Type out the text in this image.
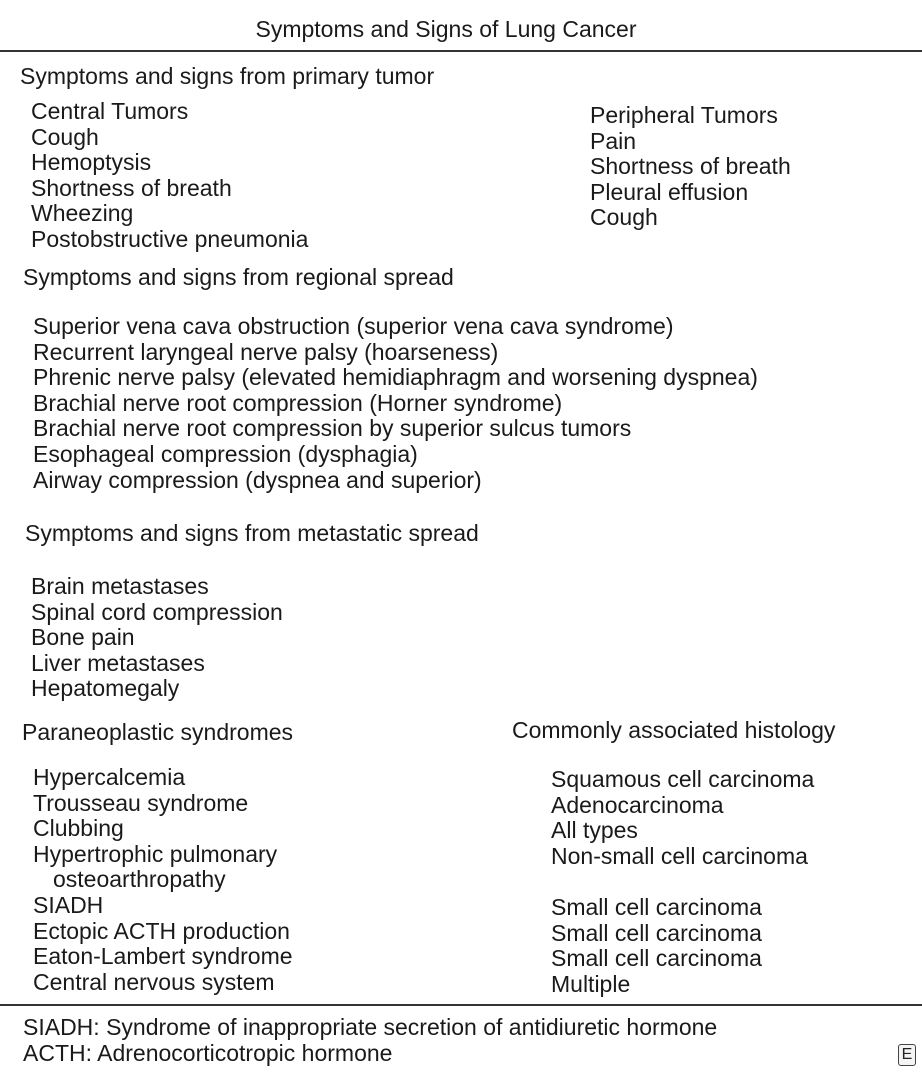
Symptoms and Signs of Lung Cancer
Symptoms and signs from primary tumor
Central Tumors
Cough
Hemoptysis
Shortness of breath
Wheezing
Postobstructive pneumonia
Peripheral Tumors
Pain
Shortness of breath
Pleural effusion
Cough
Symptoms and signs from regional spread
Superior vena cava obstruction (superior vena cava syndrome)
Recurrent laryngeal nerve palsy (hoarseness)
Phrenic nerve palsy (elevated hemidiaphragm and worsening dyspnea)
Brachial nerve root compression (Horner syndrome)
Brachial nerve root compression by superior sulcus tumors
Esophageal compression (dysphagia)
Airway compression (dyspnea and superior)
Symptoms and signs from metastatic spread
Brain metastases
Spinal cord compression
Bone pain
Liver metastases
Hepatomegaly
Paraneoplastic syndromes
Hypercalcemia
Trousseau syndrome
Clubbing
Hypertrophic pulmonary
osteoarthropathy
SIADH
Ectopic ACTH production
Eaton-Lambert syndrome
Central nervous system
Commonly associated histology
Squamous cell carcinoma
Adenocarcinoma
All types
Non-small cell carcinoma
Small cell carcinoma
Small cell carcinoma
Small cell carcinoma
Multiple
SIADH: Syndrome of inappropriate secretion of antidiuretic hormone
ACTH: Adrenocorticotropic hormone	E
